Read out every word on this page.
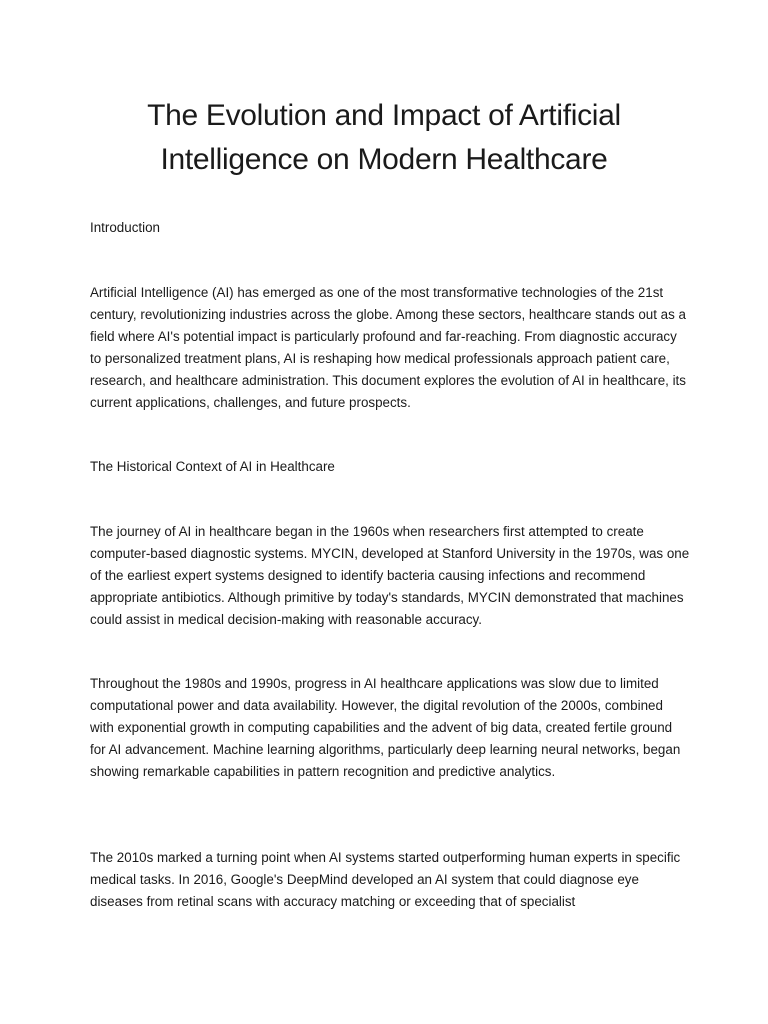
The Evolution and Impact of Artificial Intelligence on Modern Healthcare

Introduction

Artificial Intelligence (AI) has emerged as one of the most transformative technologies of the 21st century, revolutionizing industries across the globe. Among these sectors, healthcare stands out as a field where AI's potential impact is particularly profound and far-reaching. From diagnostic accuracy to personalized treatment plans, AI is reshaping how medical professionals approach patient care, research, and healthcare administration. This document explores the evolution of AI in healthcare, its current applications, challenges, and future prospects.

The Historical Context of AI in Healthcare

The journey of AI in healthcare began in the 1960s when researchers first attempted to create computer-based diagnostic systems. MYCIN, developed at Stanford University in the 1970s, was one of the earliest expert systems designed to identify bacteria causing infections and recommend appropriate antibiotics. Although primitive by today's standards, MYCIN demonstrated that machines could assist in medical decision-making with reasonable accuracy.

Throughout the 1980s and 1990s, progress in AI healthcare applications was slow due to limited computational power and data availability. However, the digital revolution of the 2000s, combined with exponential growth in computing capabilities and the advent of big data, created fertile ground for AI advancement. Machine learning algorithms, particularly deep learning neural networks, began showing remarkable capabilities in pattern recognition and predictive analytics.

The 2010s marked a turning point when AI systems started outperforming human experts in specific medical tasks. In 2016, Google's DeepMind developed an AI system that could diagnose eye diseases from retinal scans with accuracy matching or exceeding that of specialist
